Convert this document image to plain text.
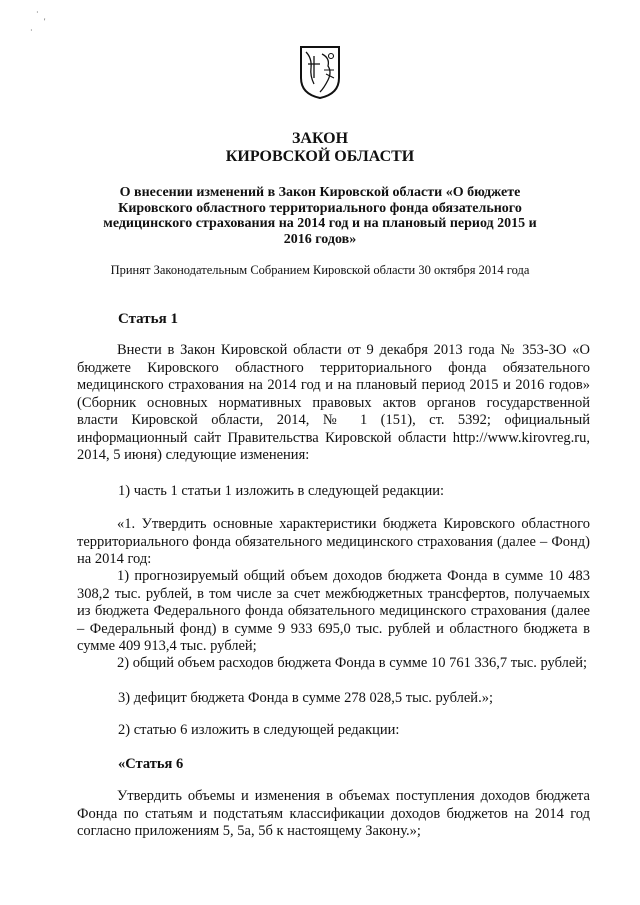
·
'
·
ЗАКОН
КИРОВСКОЙ ОБЛАСТИ
О внесении изменений в Закон Кировской области «О бюджете Кировского областного территориального фонда обязательного медицинского страхования на 2014 год и на плановый период 2015 и 2016 годов»
Принят Законодательным Собранием Кировской области 30 октября 2014 года
Статья 1
Внести в Закон Кировской области от 9 декабря 2013 года № 353-ЗО «О бюджете Кировского областного территориального фонда обязательного медицинского страхования на 2014 год и на плановый период 2015 и 2016 годов» (Сборник основных нормативных правовых актов органов государственной власти Кировской области, 2014, № 1 (151), ст. 5392; официальный информационный сайт Правительства Кировской области http://www.kirovreg.ru, 2014, 5 июня) следующие изменения:
1) часть 1 статьи 1 изложить в следующей редакции:
«1. Утвердить основные характеристики бюджета Кировского областного территориального фонда обязательного медицинского страхования (далее – Фонд) на 2014 год:
1) прогнозируемый общий объем доходов бюджета Фонда в сумме 10 483 308,2 тыс. рублей, в том числе за счет межбюджетных трансфертов, получаемых из бюджета Федерального фонда обязательного медицинского страхования (далее – Федеральный фонд) в сумме 9 933 695,0 тыс. рублей и областного бюджета в сумме 409 913,4 тыс. рублей;
2) общий объем расходов бюджета Фонда в сумме 10 761 336,7 тыс. рублей;
3) дефицит бюджета Фонда в сумме 278 028,5 тыс. рублей.»;
2) статью 6 изложить в следующей редакции:
«Статья 6
Утвердить объемы и изменения в объемах поступления доходов бюджета Фонда по статьям и подстатьям классификации доходов бюджетов на 2014 год согласно приложениям 5, 5а, 5б к настоящему Закону.»;
